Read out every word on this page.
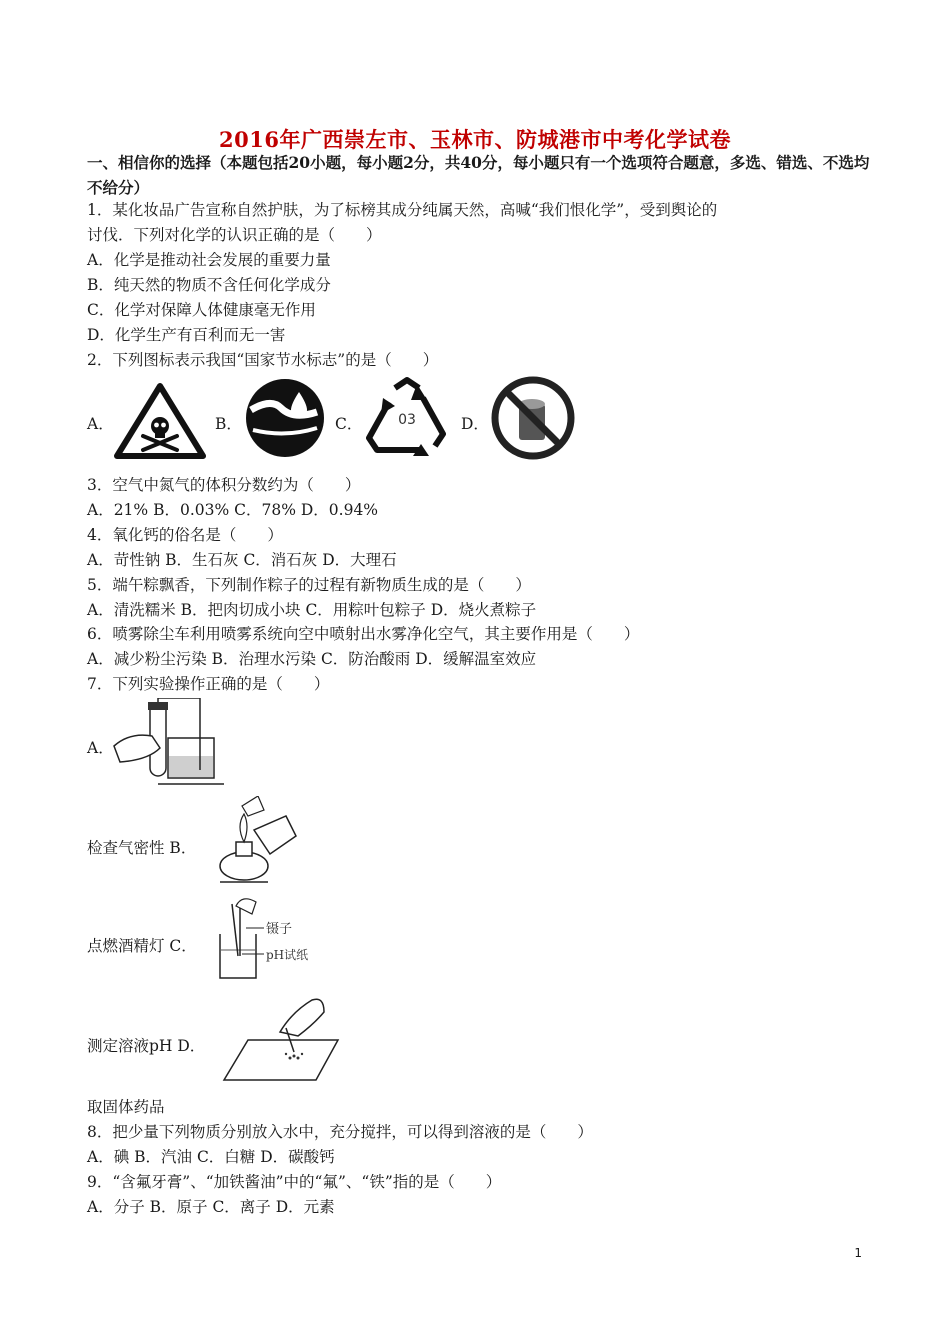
2016年广西崇左市、玉林市、防城港市中考化学试卷
一、相信你的选择（本题包括20小题，每小题2分，共40分，每小题只有一个选项符合题意，多选、错选、不选均不给分）
1．某化妆品广告宣称自然护肤，为了标榜其成分纯属天然，高喊“我们恨化学”，受到舆论的
讨伐．下列对化学的认识正确的是（　　）
A．化学是推动社会发展的重要力量
B．纯天然的物质不含任何化学成分
C．化学对保障人体健康毫无作用
D．化学生产有百利而无一害
2．下列图标表示我国“国家节水标志”的是（　　）
A．	B．	C．	03	D．
3．空气中氮气的体积分数约为（　　）
A．21% B．0.03% C．78% D．0.94%
4．氧化钙的俗名是（　　）
A．苛性钠 B．生石灰 C．消石灰 D．大理石
5．端午粽飘香，下列制作粽子的过程有新物质生成的是（　　）
A．清洗糯米 B．把肉切成小块 C．用粽叶包粽子 D．烧火煮粽子
6．喷雾除尘车利用喷雾系统向空中喷射出水雾净化空气，其主要作用是（　　）
A．减少粉尘污染 B．治理水污染 C．防治酸雨 D．缓解温室效应
7．下列实验操作正确的是（　　）
A．
检查气密性 B．
点燃酒精灯 C．
镊子
pH试纸
测定溶液pH D．
取固体药品
8．把少量下列物质分别放入水中，充分搅拌，可以得到溶液的是（　　）
A．碘 B．汽油 C．白糖 D．碳酸钙
9．“含氟牙膏”、“加铁酱油”中的“氟”、“铁”指的是（　　）
A．分子 B．原子 C．离子 D．元素
1
